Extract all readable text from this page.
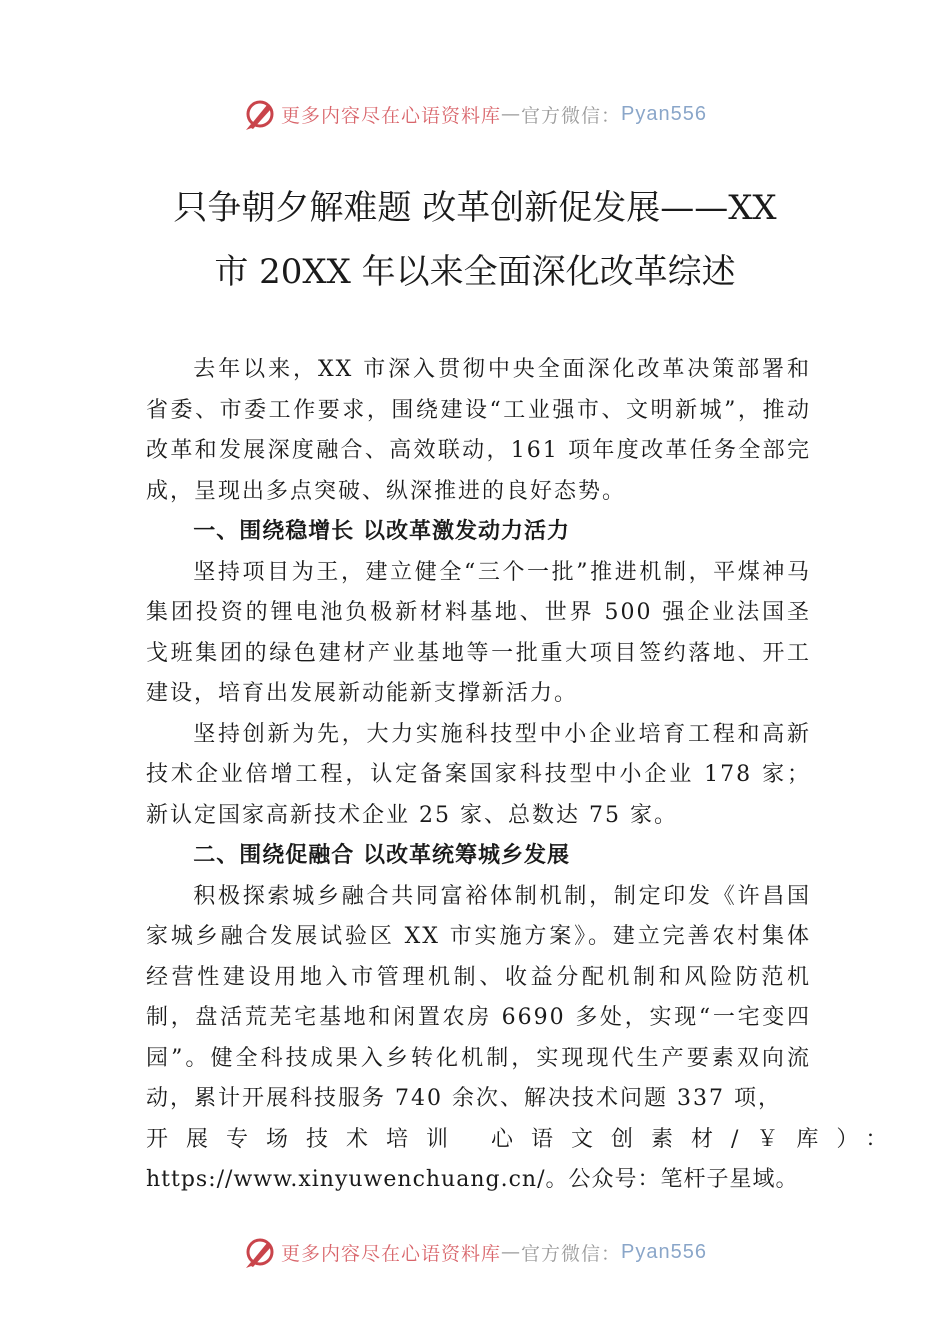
更多内容尽在心语资料库 — 官方微信： Pyan556
只争朝夕解难题 改革创新促发展——XX
市 20XX 年以来全面深化改革综述

去年以来，XX 市深入贯彻中央全面深化改革决策部署和省委、市委工作要求，围绕建设“工业强市、文明新城”，推动改革和发展深度融合、高效联动，161 项年度改革任务全部完成，呈现出多点突破、纵深推进的良好态势。

一、围绕稳增长 以改革激发动力活力

坚持项目为王，建立健全“三个一批”推进机制，平煤神马集团投资的锂电池负极新材料基地、世界 500 强企业法国圣戈班集团的绿色建材产业基地等一批重大项目签约落地、开工建设，培育出发展新动能新支撑新活力。

坚持创新为先，大力实施科技型中小企业培育工程和高新技术企业倍增工程，认定备案国家科技型中小企业 178 家；新认定国家高新技术企业 25 家、总数达 75 家。

二、围绕促融合 以改革统筹城乡发展

积极探索城乡融合共同富裕体制机制，制定印发《许昌国家城乡融合发展试验区 XX 市实施方案》。建立完善农村集体经营性建设用地入市管理机制、收益分配机制和风险防范机制，盘活荒芜宅基地和闲置农房 6690 多处，实现“一宅变四园”。健全科技成果入乡转化机制，实现现代生产要素双向流动，累计开展科技服务 740 余次、解决技术问题 337 项，

开展专场技术培训 心语文创素材/￥库）：

https://www.xinyuwenchuang.cn/。公众号：笔杆子星域。

更多内容尽在心语资料库 — 官方微信： Pyan556
